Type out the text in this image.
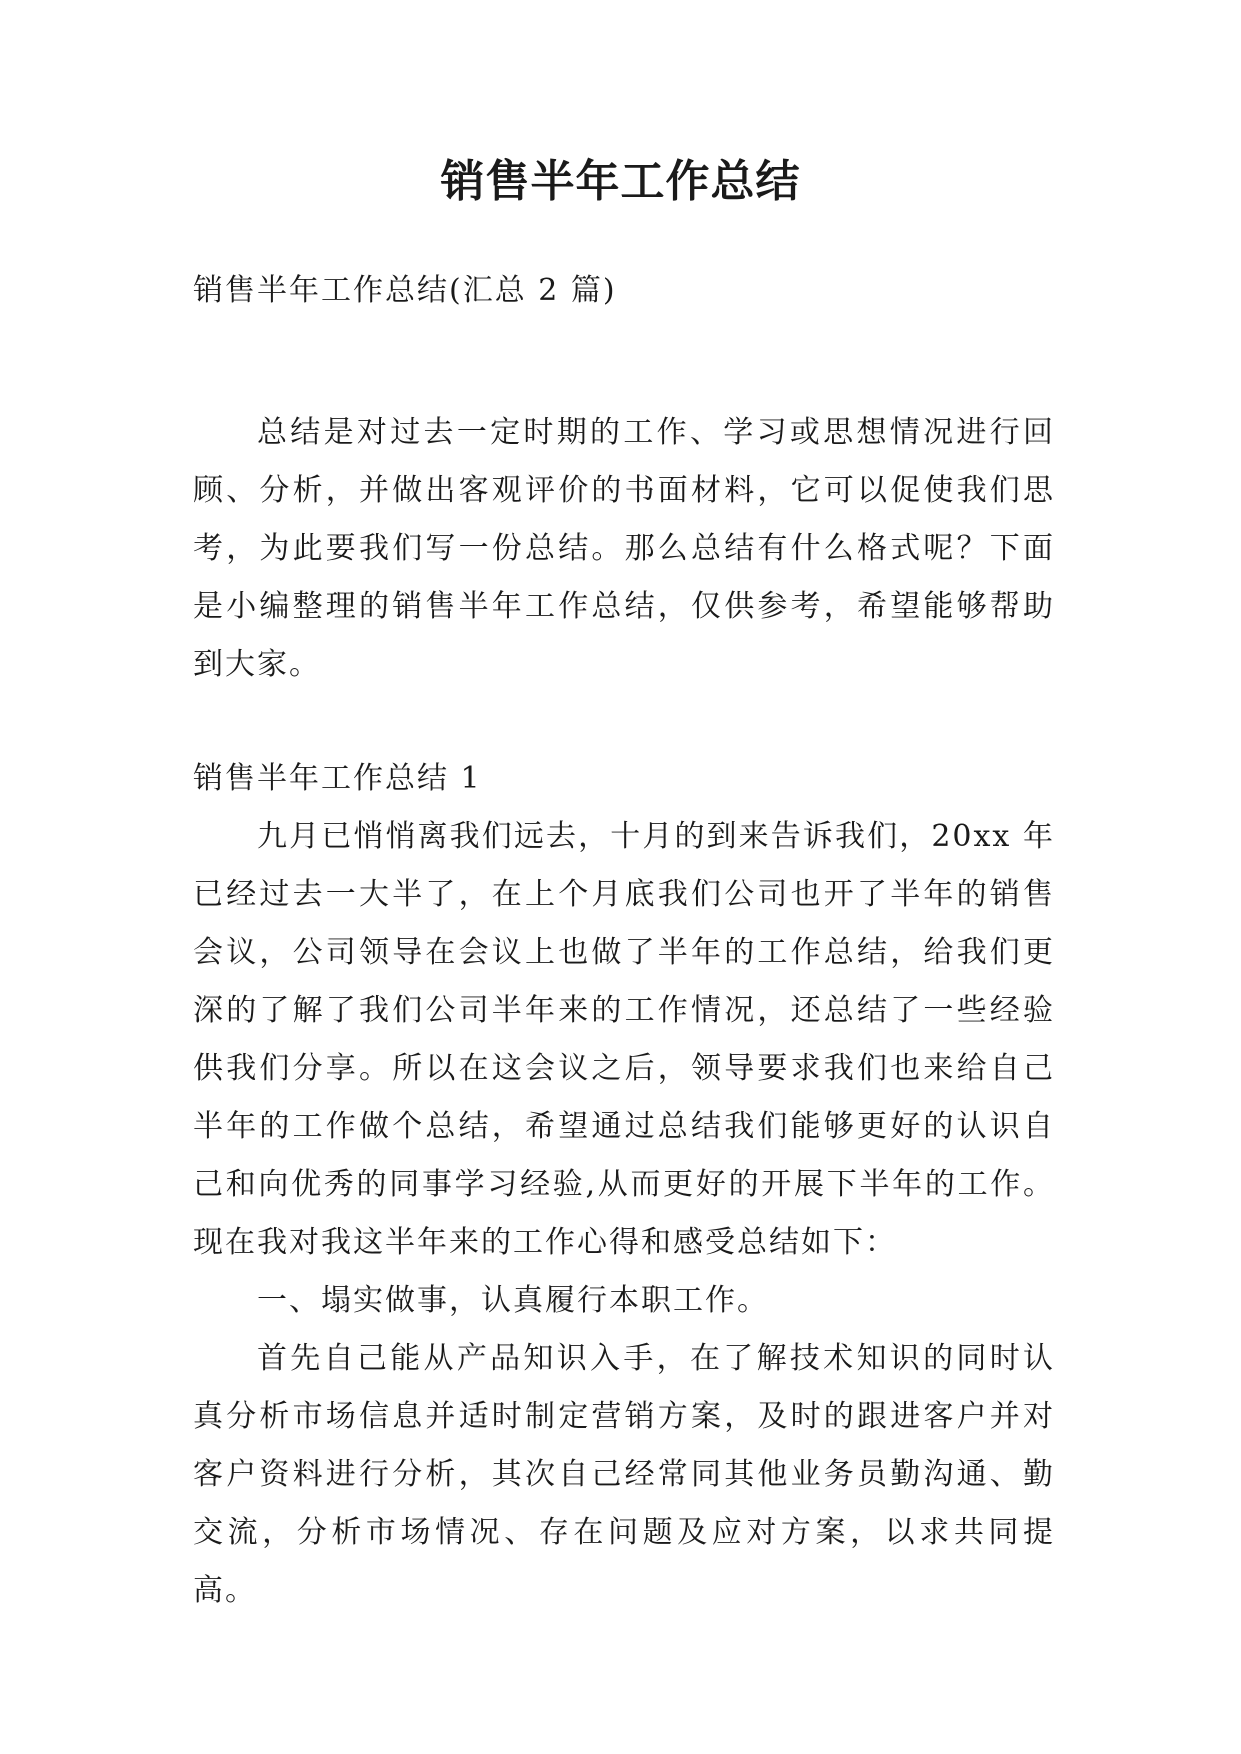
销售半年工作总结

销售半年工作总结(汇总 2 篇)

总结是对过去一定时期的工作、学习或思想情况进行回顾、分析，并做出客观评价的书面材料，它可以促使我们思考，为此要我们写一份总结。那么总结有什么格式呢？下面是小编整理的销售半年工作总结，仅供参考，希望能够帮助到大家。

销售半年工作总结 1

九月已悄悄离我们远去，十月的到来告诉我们，20xx 年已经过去一大半了，在上个月底我们公司也开了半年的销售会议，公司领导在会议上也做了半年的工作总结，给我们更深的了解了我们公司半年来的工作情况，还总结了一些经验供我们分享。所以在这会议之后，领导要求我们也来给自己半年的工作做个总结，希望通过总结我们能够更好的认识自己和向优秀的同事学习经验,从而更好的开展下半年的工作。现在我对我这半年来的工作心得和感受总结如下：

一、塌实做事，认真履行本职工作。

首先自己能从产品知识入手，在了解技术知识的同时认真分析市场信息并适时制定营销方案，及时的跟进客户并对客户资料进行分析，其次自己经常同其他业务员勤沟通、勤交流，分析市场情况、存在问题及应对方案，以求共同提高。
